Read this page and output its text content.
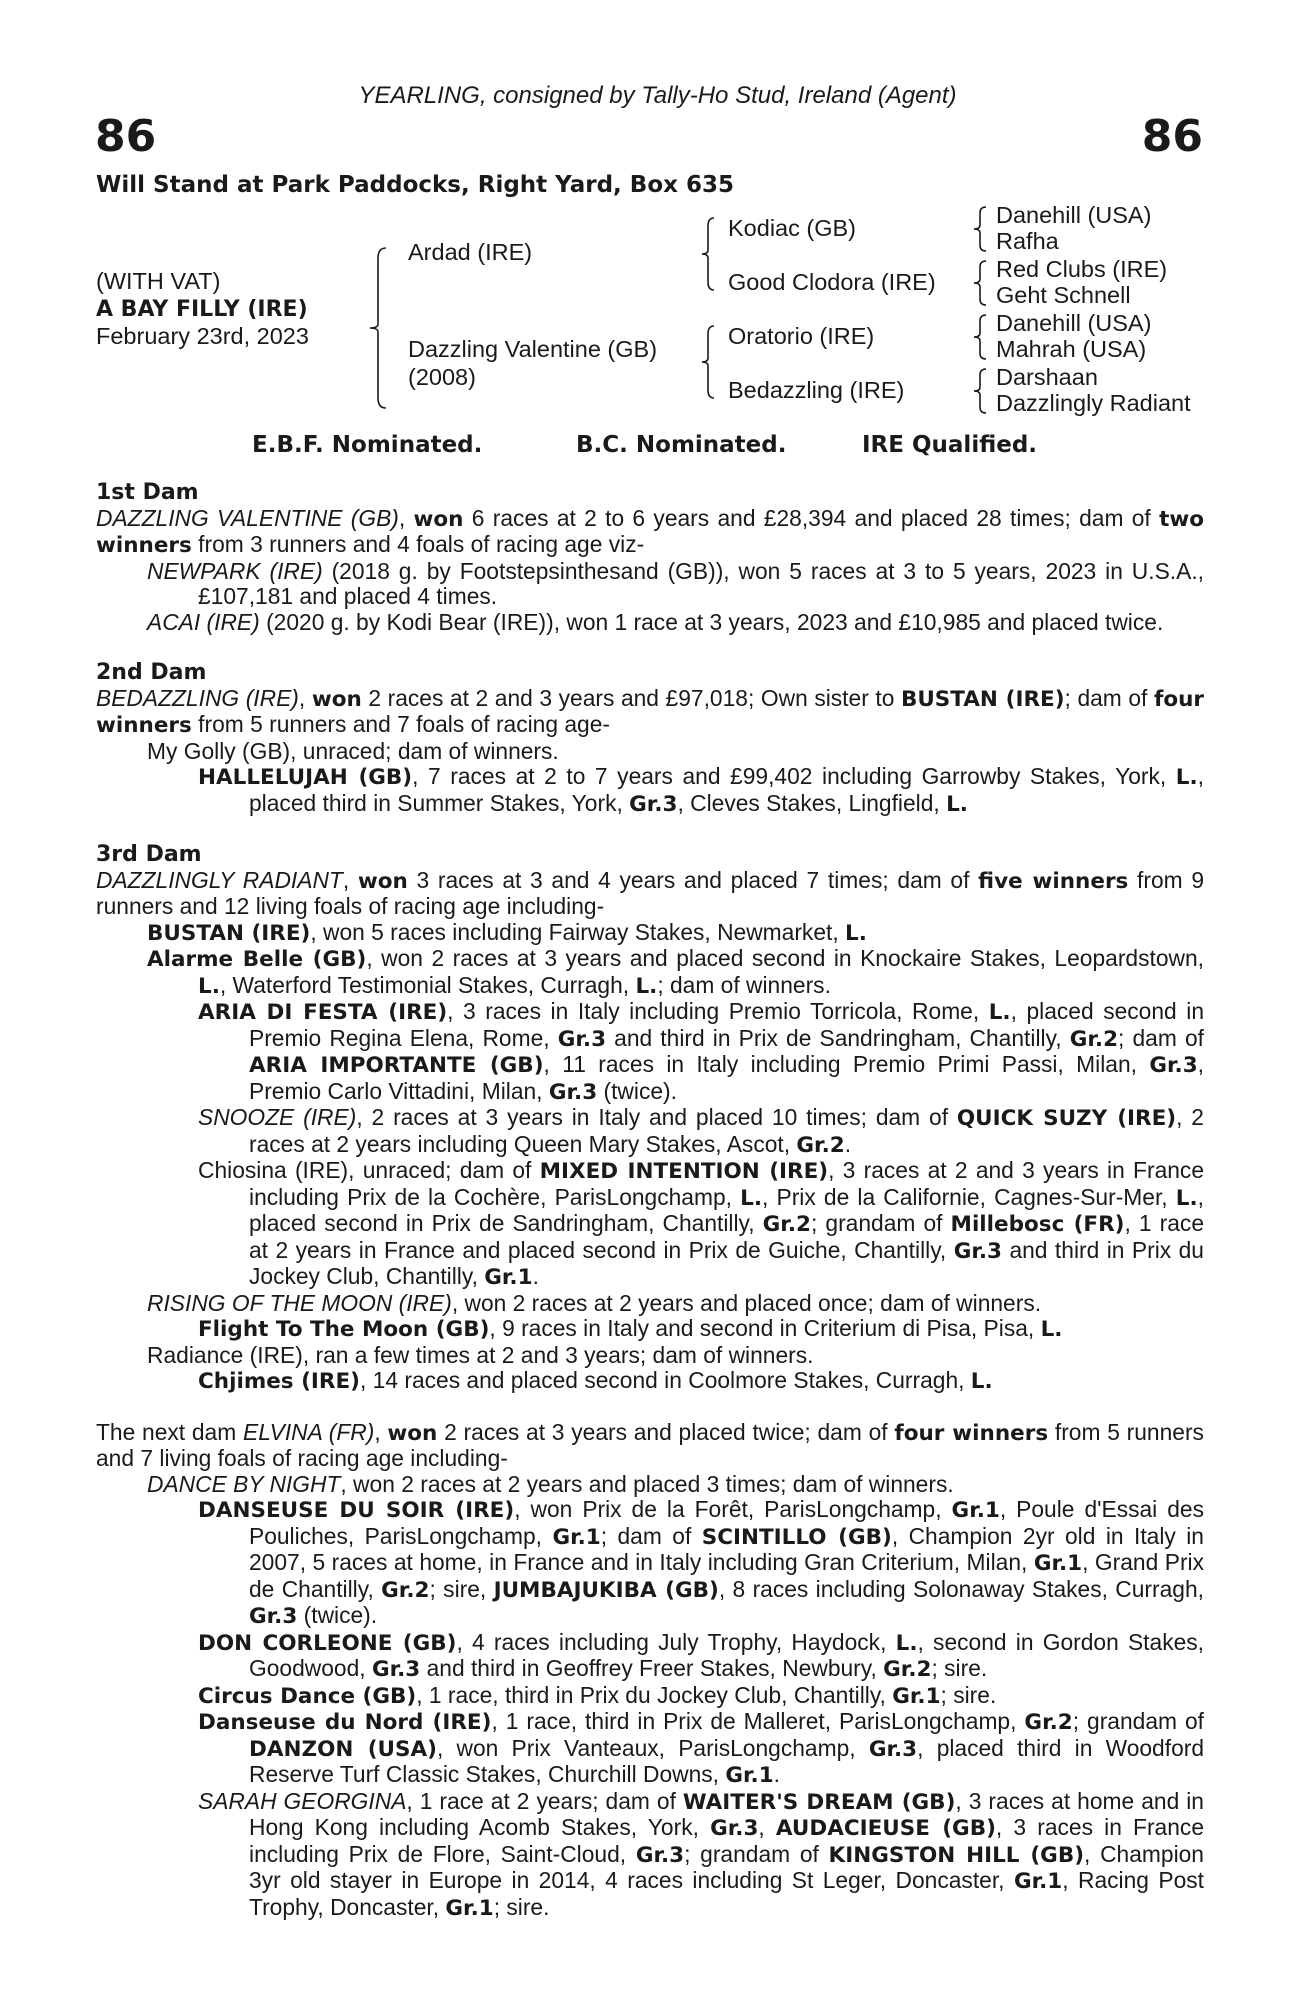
YEARLING, consigned by Tally-Ho Stud, Ireland (Agent)
86	86
Will Stand at Park Paddocks, Right Yard, Box 635
(WITH VAT)
A BAY FILLY (IRE)
February 23rd, 2023
Ardad (IRE)
Dazzling Valentine (GB)
(2008)
Kodiac (GB)
Good Clodora (IRE)
Oratorio (IRE)
Bedazzling (IRE)
Danehill (USA)
Rafha
Red Clubs (IRE)
Geht Schnell
Danehill (USA)
Mahrah (USA)
Darshaan
Dazzlingly Radiant
E.B.F. Nominated.	B.C. Nominated.	IRE Qualified.
1st Dam
DAZZLING VALENTINE (GB), won 6 races at 2 to 6 years and £28,394 and placed 28 times; dam of two winners from 3 runners and 4 foals of racing age viz-
NEWPARK (IRE) (2018 g. by Footstepsinthesand (GB)), won 5 races at 3 to 5 years, 2023 in U.S.A., £107,181 and placed 4 times.
ACAI (IRE) (2020 g. by Kodi Bear (IRE)), won 1 race at 3 years, 2023 and £10,985 and placed twice.
2nd Dam
BEDAZZLING (IRE), won 2 races at 2 and 3 years and £97,018; Own sister to BUSTAN (IRE); dam of four winners from 5 runners and 7 foals of racing age-
My Golly (GB), unraced; dam of winners.
HALLELUJAH (GB), 7 races at 2 to 7 years and £99,402 including Garrowby Stakes, York, L., placed third in Summer Stakes, York, Gr.3, Cleves Stakes, Lingfield, L.
3rd Dam
DAZZLINGLY RADIANT, won 3 races at 3 and 4 years and placed 7 times; dam of five winners from 9 runners and 12 living foals of racing age including-
BUSTAN (IRE), won 5 races including Fairway Stakes, Newmarket, L.
Alarme Belle (GB), won 2 races at 3 years and placed second in Knockaire Stakes, Leopardstown, L., Waterford Testimonial Stakes, Curragh, L.; dam of winners.
ARIA DI FESTA (IRE), 3 races in Italy including Premio Torricola, Rome, L., placed second in Premio Regina Elena, Rome, Gr.3 and third in Prix de Sandringham, Chantilly, Gr.2; dam of ARIA IMPORTANTE (GB), 11 races in Italy including Premio Primi Passi, Milan, Gr.3, Premio Carlo Vittadini, Milan, Gr.3 (twice).
SNOOZE (IRE), 2 races at 3 years in Italy and placed 10 times; dam of QUICK SUZY (IRE), 2 races at 2 years including Queen Mary Stakes, Ascot, Gr.2.
Chiosina (IRE), unraced; dam of MIXED INTENTION (IRE), 3 races at 2 and 3 years in France including Prix de la Cochère, ParisLongchamp, L., Prix de la Californie, Cagnes-Sur-Mer, L., placed second in Prix de Sandringham, Chantilly, Gr.2; grandam of Millebosc (FR), 1 race at 2 years in France and placed second in Prix de Guiche, Chantilly, Gr.3 and third in Prix du Jockey Club, Chantilly, Gr.1.
RISING OF THE MOON (IRE), won 2 races at 2 years and placed once; dam of winners.
Flight To The Moon (GB), 9 races in Italy and second in Criterium di Pisa, Pisa, L.
Radiance (IRE), ran a few times at 2 and 3 years; dam of winners.
Chjimes (IRE), 14 races and placed second in Coolmore Stakes, Curragh, L.
The next dam ELVINA (FR), won 2 races at 3 years and placed twice; dam of four winners from 5 runners and 7 living foals of racing age including-
DANCE BY NIGHT, won 2 races at 2 years and placed 3 times; dam of winners.
DANSEUSE DU SOIR (IRE), won Prix de la Forêt, ParisLongchamp, Gr.1, Poule d'Essai des Pouliches, ParisLongchamp, Gr.1; dam of SCINTILLO (GB), Champion 2yr old in Italy in 2007, 5 races at home, in France and in Italy including Gran Criterium, Milan, Gr.1, Grand Prix de Chantilly, Gr.2; sire, JUMBAJUKIBA (GB), 8 races including Solonaway Stakes, Curragh, Gr.3 (twice).
DON CORLEONE (GB), 4 races including July Trophy, Haydock, L., second in Gordon Stakes, Goodwood, Gr.3 and third in Geoffrey Freer Stakes, Newbury, Gr.2; sire.
Circus Dance (GB), 1 race, third in Prix du Jockey Club, Chantilly, Gr.1; sire.
Danseuse du Nord (IRE), 1 race, third in Prix de Malleret, ParisLongchamp, Gr.2; grandam of DANZON (USA), won Prix Vanteaux, ParisLongchamp, Gr.3, placed third in Woodford Reserve Turf Classic Stakes, Churchill Downs, Gr.1.
SARAH GEORGINA, 1 race at 2 years; dam of WAITER'S DREAM (GB), 3 races at home and in Hong Kong including Acomb Stakes, York, Gr.3, AUDACIEUSE (GB), 3 races in France including Prix de Flore, Saint-Cloud, Gr.3; grandam of KINGSTON HILL (GB), Champion 3yr old stayer in Europe in 2014, 4 races including St Leger, Doncaster, Gr.1, Racing Post Trophy, Doncaster, Gr.1; sire.
